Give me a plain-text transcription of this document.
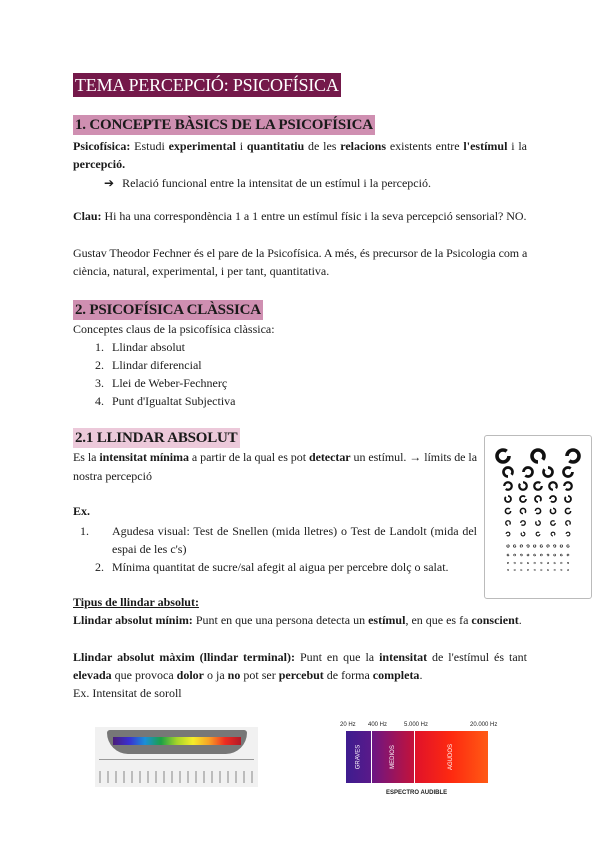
TEMA PERCEPCIÓ: PSICOFÍSICA
1. CONCEPTE BÀSICS DE LA PSICOFÍSICA
Psicofísica: Estudi experimental i quantitatiu de les relacions existents entre l'estímul i la
percepció.
➔ Relació funcional entre la intensitat de un estímul i la percepció.
Clau: Hi ha una correspondència 1 a 1 entre un estímul físic i la seva percepció sensorial? NO.
Gustav Theodor Fechner és el pare de la Psicofísica. A més, és precursor de la Psicologia com a
ciència, natural, experimental, i per tant, quantitativa.
2. PSICOFÍSICA CLÀSSICA
Conceptes claus de la psicofísica clàssica:
1. Llindar absolut
2. Llindar diferencial
3. Llei de Weber-Fechnerç
4. Punt d'Igualtat Subjectiva
2.1 LLINDAR ABSOLUT
Es la intensitat mínima a partir de la qual es pot detectar un estímul. → límits de la
nostra percepció
Ex.
1. Agudesa visual: Test de Snellen (mida lletres) o Test de Landolt (mida del
espai de les c's)
2. Mínima quantitat de sucre/sal afegit al aigua per percebre dolç o salat.
Tipus de llindar absolut:
Llindar absolut mínim: Punt en que una persona detecta un estímul, en que es fa conscient.
Llindar absolut màxim (llindar terminal): Punt en que la intensitat de l'estímul és tant
elevada que provoca dolor o ja no pot ser percebut de forma completa.
Ex. Intensitat de soroll
20 Hz 400 Hz	5.000 Hz	20.000 Hz
GRAVES	MEDIOS	AGUDOS
ESPECTRO AUDIBLE
